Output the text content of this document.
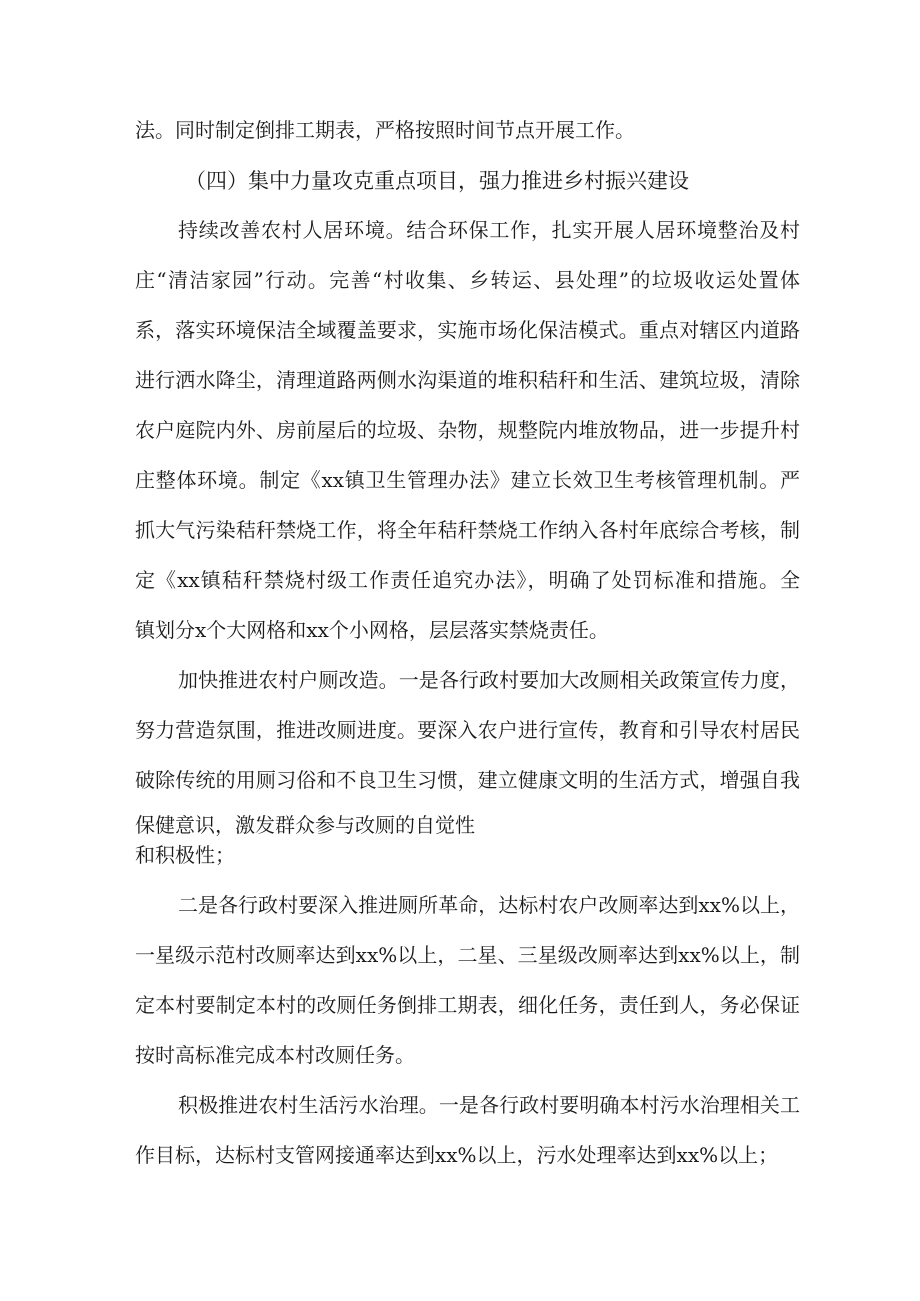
法。同时制定倒排工期表，严格按照时间节点开展工作。
（四）集中力量攻克重点项目，强力推进乡村振兴建设
持续改善农村人居环境。结合环保工作，扎实开展人居环境整治及村
庄“清洁家园”行动。完善“村收集、乡转运、县处理”的垃圾收运处置体
系，落实环境保洁全域覆盖要求，实施市场化保洁模式。重点对辖区内道路
进行洒水降尘，清理道路两侧水沟渠道的堆积秸秆和生活、建筑垃圾，清除
农户庭院内外、房前屋后的垃圾、杂物，规整院内堆放物品，进一步提升村
庄整体环境。制定《xx镇卫生管理办法》建立长效卫生考核管理机制。严
抓大气污染秸秆禁烧工作，将全年秸秆禁烧工作纳入各村年底综合考核，制
定《xx镇秸秆禁烧村级工作责任追究办法》，明确了处罚标准和措施。全
镇划分x个大网格和xx个小网格，层层落实禁烧责任。
加快推进农村户厕改造。一是各行政村要加大改厕相关政策宣传力度，
努力营造氛围，推进改厕进度。要深入农户进行宣传，教育和引导农村居民
破除传统的用厕习俗和不良卫生习惯，建立健康文明的生活方式，增强自我
保健意识，激发群众参与改厕的自觉性
和积极性；
二是各行政村要深入推进厕所革命，达标村农户改厕率达到xx%以上，
一星级示范村改厕率达到xx%以上，二星、三星级改厕率达到xx%以上，制
定本村要制定本村的改厕任务倒排工期表，细化任务，责任到人，务必保证
按时高标准完成本村改厕任务。
积极推进农村生活污水治理。一是各行政村要明确本村污水治理相关工
作目标，达标村支管网接通率达到xx%以上，污水处理率达到xx%以上；
